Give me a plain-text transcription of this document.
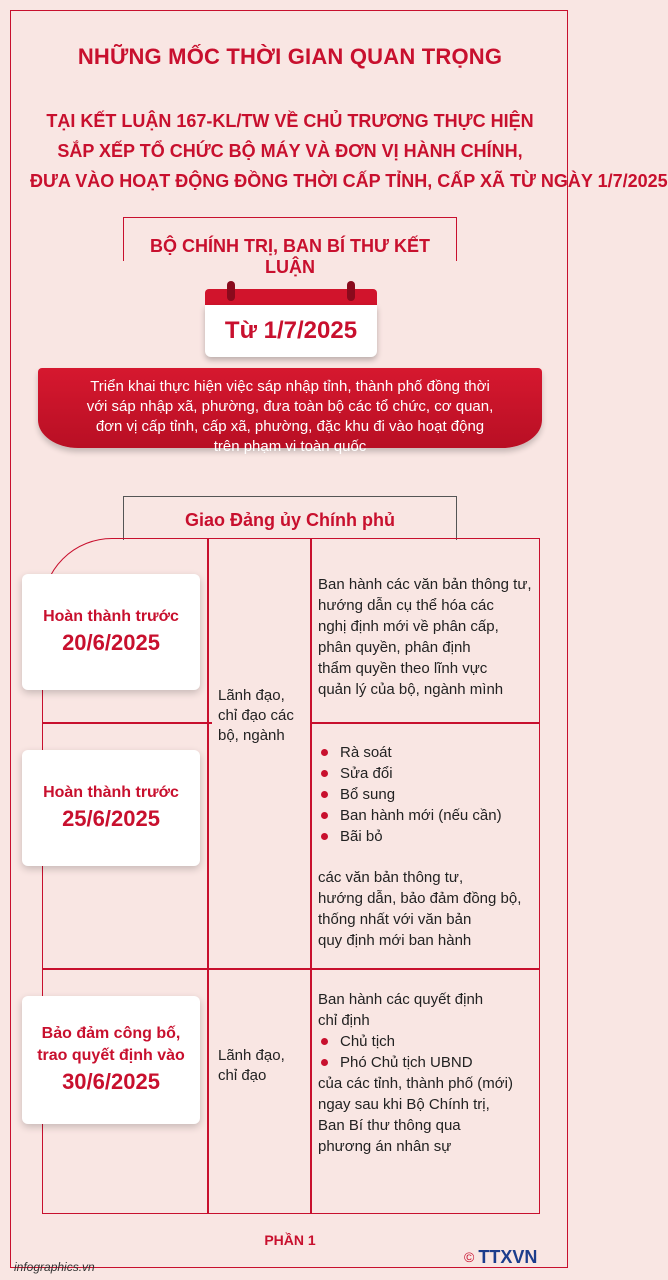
NHỮNG MỐC THỜI GIAN QUAN TRỌNG
TẠI KẾT LUẬN 167-KL/TW VỀ CHỦ TRƯƠNG THỰC HIỆN
SẮP XẾP TỔ CHỨC BỘ MÁY VÀ ĐƠN VỊ HÀNH CHÍNH,
ĐƯA VÀO HOẠT ĐỘNG ĐỒNG THỜI CẤP TỈNH, CẤP XÃ TỪ NGÀY 1/7/2025
BỘ CHÍNH TRỊ, BAN BÍ THƯ KẾT LUẬN
Từ 1/7/2025
Triển khai thực hiện việc sáp nhập tỉnh, thành phố đồng thời
với sáp nhập xã, phường, đưa toàn bộ các tổ chức, cơ quan,
đơn vị cấp tỉnh, cấp xã, phường, đặc khu đi vào hoạt động
trên phạm vi toàn quốc
Giao Đảng ủy Chính phủ
Hoàn thành trước
20/6/2025
Hoàn thành trước
25/6/2025
Bảo đảm công bố,
trao quyết định vào
30/6/2025
Lãnh đạo,
chỉ đạo các
bộ, ngành
Lãnh đạo,
chỉ đạo
Ban hành các văn bản thông tư,
hướng dẫn cụ thể hóa các
nghị định mới về phân cấp,
phân quyền, phân định
thẩm quyền theo lĩnh vực
quản lý của bộ, ngành mình
Rà soát
Sửa đổi
Bổ sung
Ban hành mới (nếu cần)
Bãi bỏ
các văn bản thông tư,
hướng dẫn, bảo đảm đồng bộ,
thống nhất với văn bản
quy định mới ban hành
Ban hành các quyết định
chỉ định
Chủ tịch
Phó Chủ tịch UBND
của các tỉnh, thành phố (mới)
ngay sau khi Bộ Chính trị,
Ban Bí thư thông qua
phương án nhân sự
PHẦN 1
infographics.vn
© TTXVN
